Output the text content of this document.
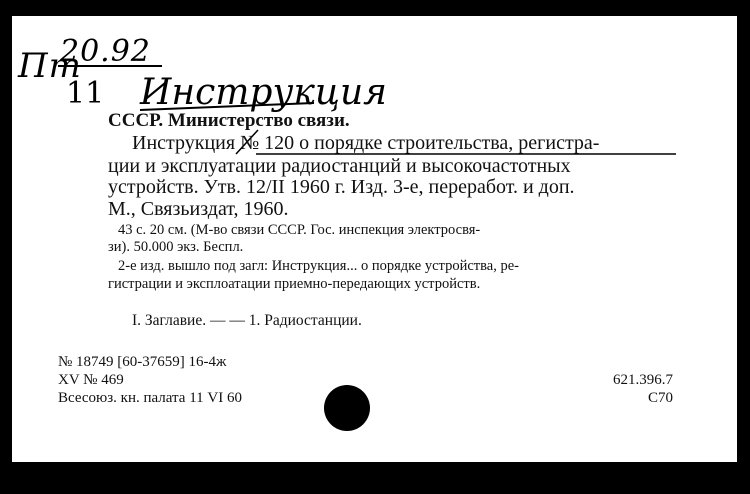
Пт
20.92
11 Инструкция
СССР. Министерство связи.
Инструкция № 120 о порядке строительства, регистра-
ции и эксплуатации радиостанций и высокочастотных
устройств. Утв. 12/II 1960 г. Изд. 3-е, переработ. и доп.
М., Связьиздат, 1960.
43 с. 20 см. (М-во связи СССР. Гос. инспекция электросвя-
зи). 50.000 экз. Беспл.
2-е изд. вышло под загл: Инструкция... о порядке устройства, ре-
гистрации и эксплоатации приемно-передающих устройств.
I. Заглавие. — — 1. Радиостанции.
№ 18749 [60-37659] 16-4ж
XV № 469
Всесоюз. кн. палата 11 VI 60
621.396.7
С70
